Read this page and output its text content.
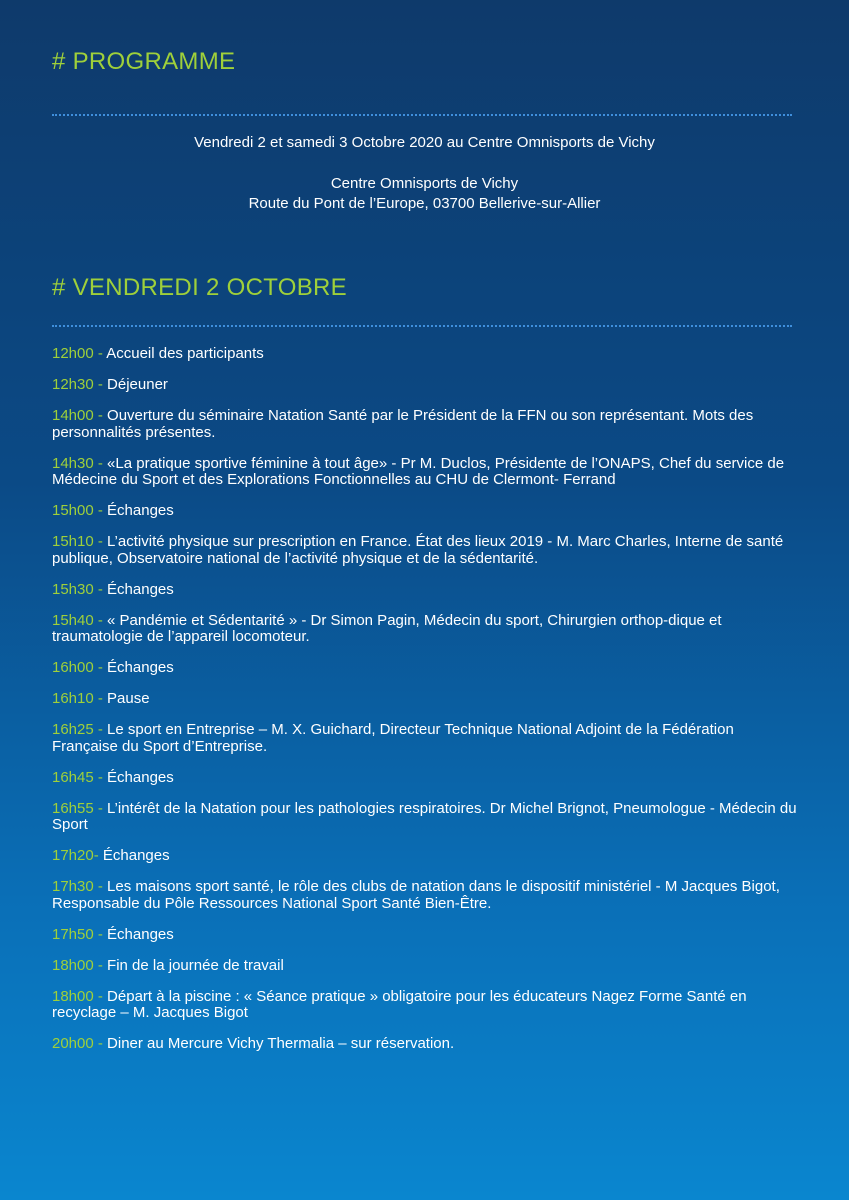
# PROGRAMME
Vendredi 2 et samedi 3 Octobre 2020 au Centre Omnisports de Vichy
Centre Omnisports de Vichy
Route du Pont de l’Europe, 03700 Bellerive-sur-Allier
# VENDREDI 2 OCTOBRE

12h00 - Accueil des participants

12h30 - Déjeuner

14h00 - Ouverture du séminaire Natation Santé par le Président de la FFN ou son représentant. Mots des personnalités présentes.

14h30 - «La pratique sportive féminine à tout âge» - Pr M. Duclos, Présidente de l’ONAPS, Chef du service de Médecine du Sport et des Explorations Fonctionnelles au CHU de Clermont- Ferrand

15h00 - Échanges

15h10 - L’activité physique sur prescription en France. État des lieux 2019 - M. Marc Charles, Interne de santé publique, Observatoire national de l’activité physique et de la sédentarité.

15h30 - Échanges

15h40 - « Pandémie et Sédentarité » - Dr Simon Pagin, Médecin du sport, Chirurgien orthop-dique et traumatologie de l’appareil locomoteur.

16h00 - Échanges

16h10 - Pause

16h25 - Le sport en Entreprise – M. X. Guichard, Directeur Technique National Adjoint de la Fédération Française du Sport d’Entreprise.

16h45 - Échanges

16h55 - L’intérêt de la Natation pour les pathologies respiratoires. Dr Michel Brignot, Pneumologue - Médecin du Sport

17h20- Échanges

17h30 - Les maisons sport santé, le rôle des clubs de natation dans le dispositif ministériel - M Jacques Bigot, Responsable du Pôle Ressources National Sport Santé Bien-Être.

17h50 - Échanges

18h00 - Fin de la journée de travail

18h00 - Départ à la piscine : « Séance pratique » obligatoire pour les éducateurs Nagez Forme Santé en recyclage – M. Jacques Bigot

20h00 - Diner au Mercure Vichy Thermalia – sur réservation.
